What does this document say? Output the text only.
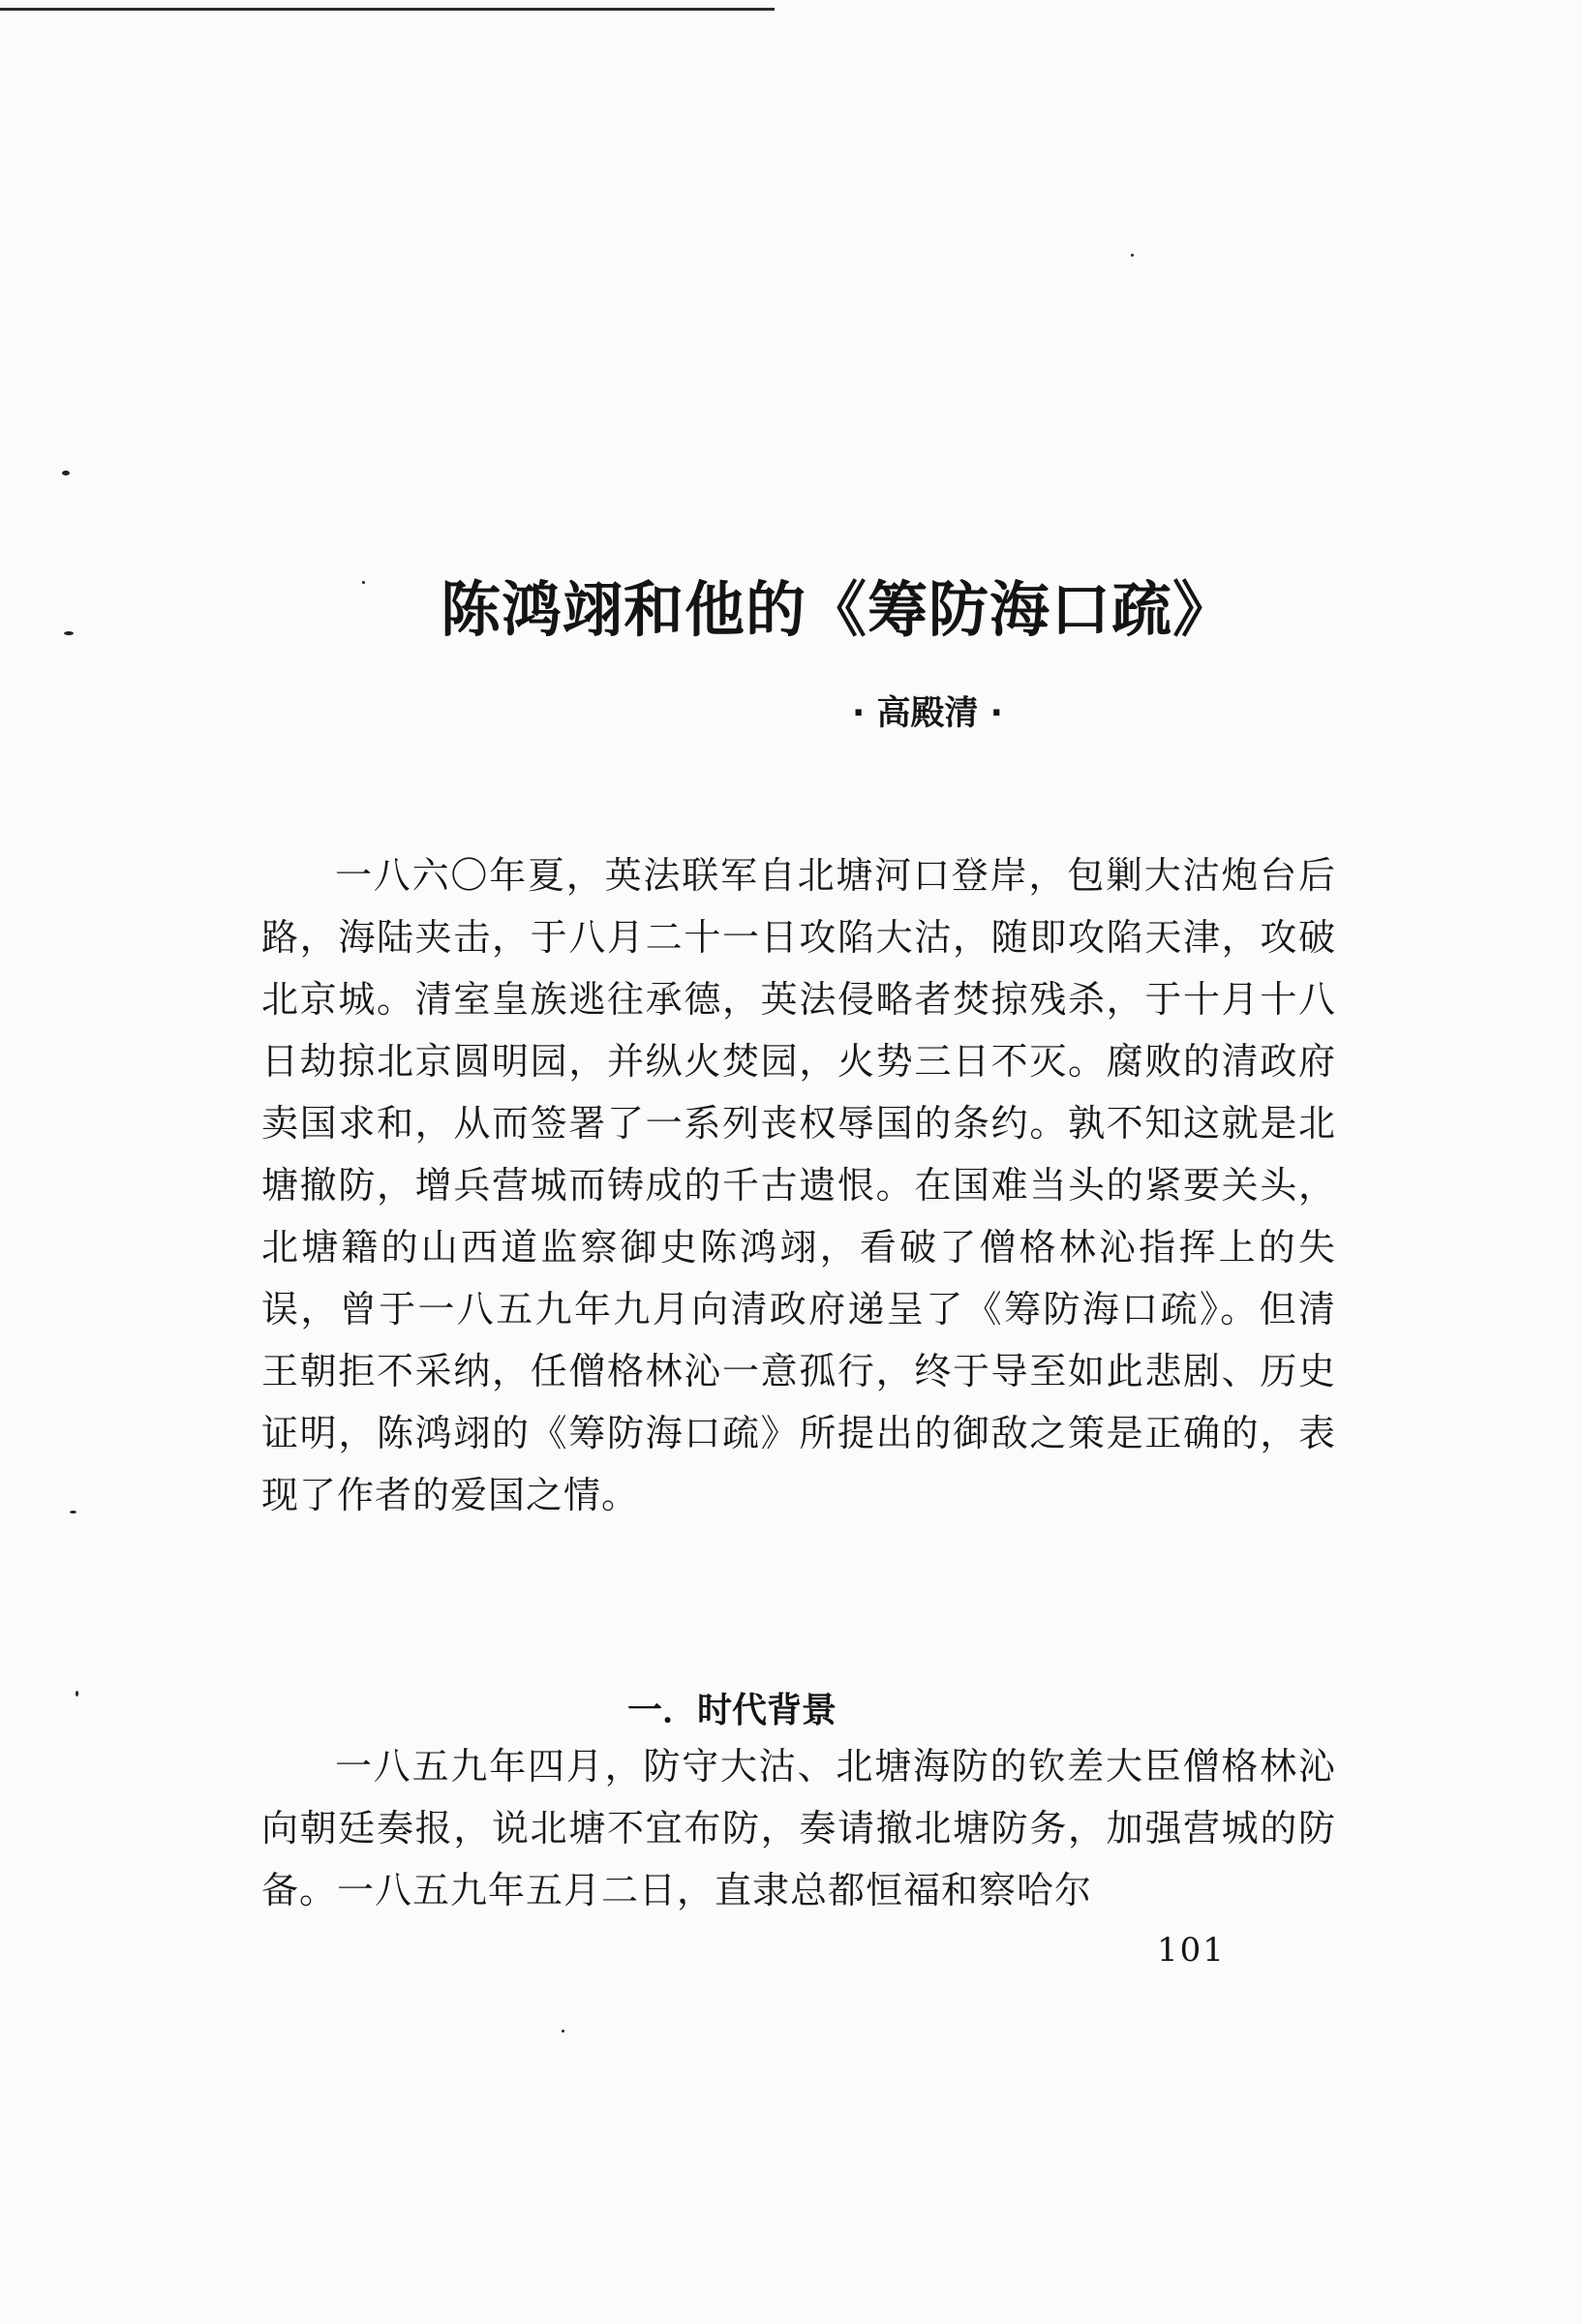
陈鸿翊和他的《筹防海口疏》
· 高殿清 ·

一八六〇年夏，英法联军自北塘河口登岸，包剿大沽炮台后路，海陆夹击，于八月二十一日攻陷大沽，随即攻陷天津，攻破北京城。清室皇族逃往承德，英法侵略者焚掠残杀，于十月十八日劫掠北京圆明园，并纵火焚园，火势三日不灭。腐败的清政府卖国求和，从而签署了一系列丧权辱国的条约。孰不知这就是北塘撤防，增兵营城而铸成的千古遗恨。在国难当头的紧要关头，北塘籍的山西道监察御史陈鸿翊，看破了僧格林沁指挥上的失误，曾于一八五九年九月向清政府递呈了《筹防海口疏》。但清王朝拒不采纳，任僧格林沁一意孤行，终于导至如此悲剧、历史证明，陈鸿翊的《筹防海口疏》所提出的御敌之策是正确的，表现了作者的爱国之情。

一．时代背景

一八五九年四月，防守大沽、北塘海防的钦差大臣僧格林沁向朝廷奏报，说北塘不宜布防，奏请撤北塘防务，加强营城的防备。一八五九年五月二日，直隶总都恒福和察哈尔

101
